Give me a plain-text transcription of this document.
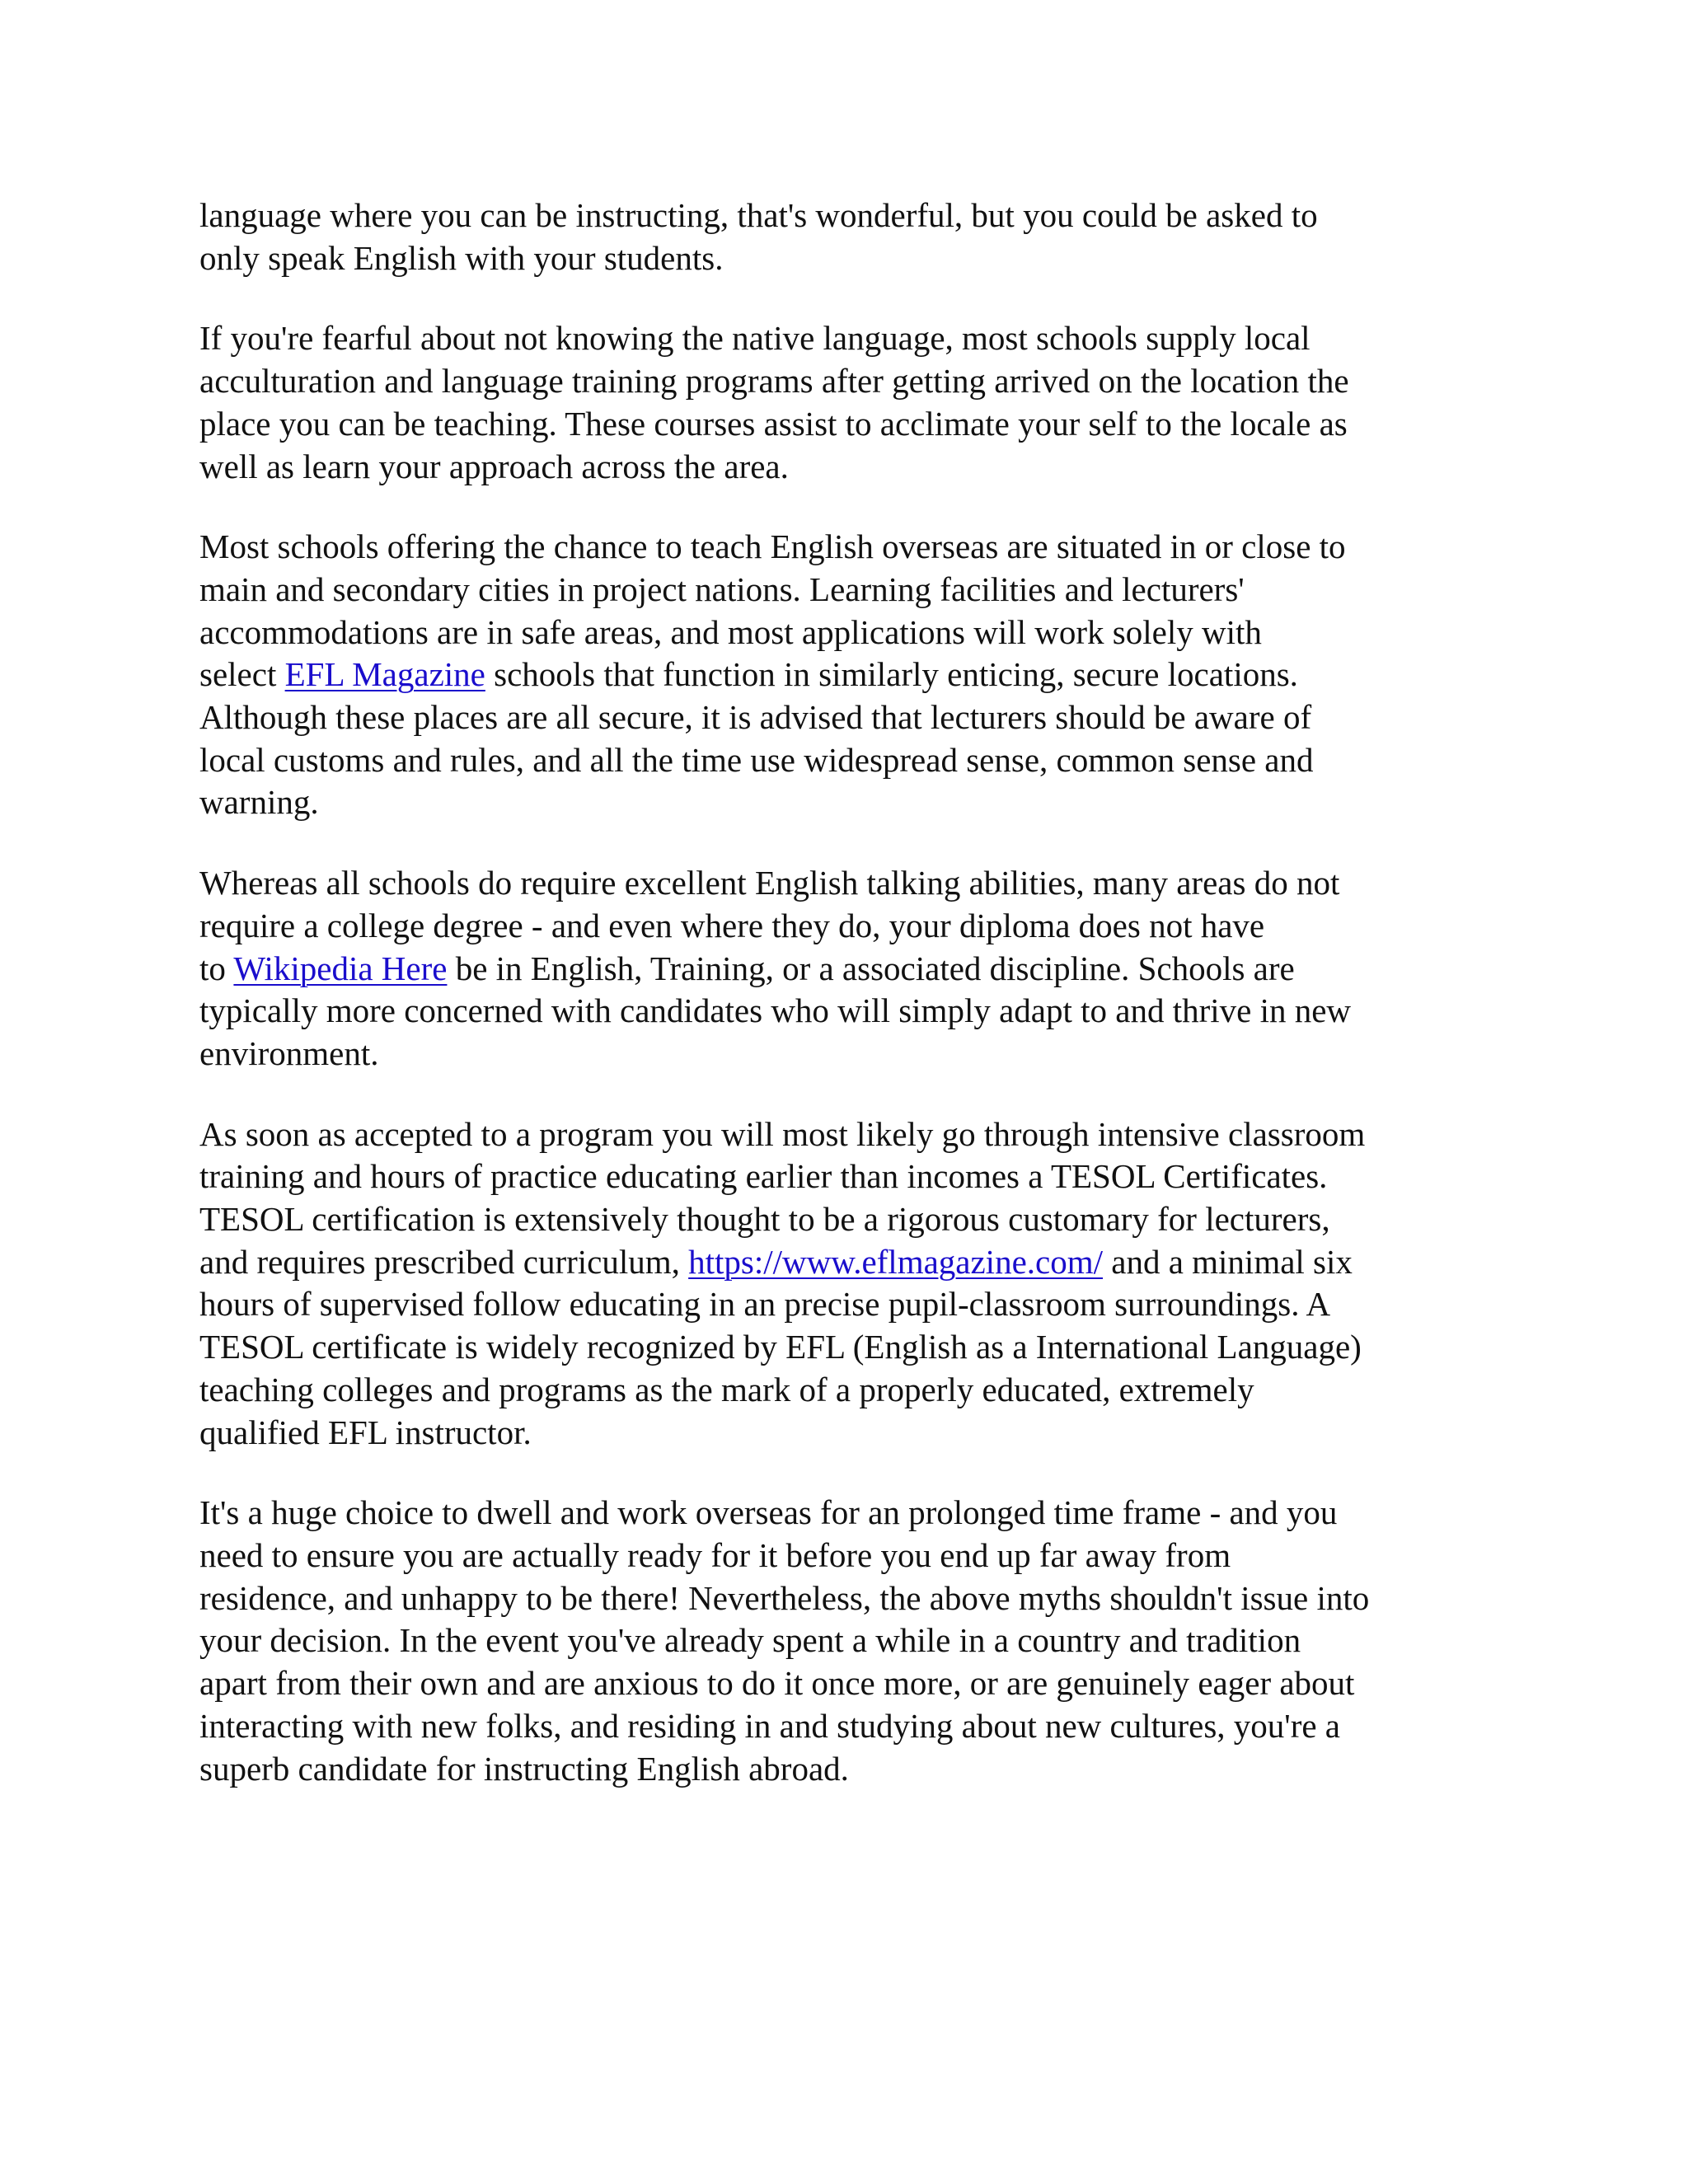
language where you can be instructing, that's wonderful, but you could be asked to
only speak English with your students.

If you're fearful about not knowing the native language, most schools supply local
acculturation and language training programs after getting arrived on the location the
place you can be teaching. These courses assist to acclimate your self to the locale as
well as learn your approach across the area.

Most schools offering the chance to teach English overseas are situated in or close to
main and secondary cities in project nations. Learning facilities and lecturers'
accommodations are in safe areas, and most applications will work solely with
select EFL Magazine schools that function in similarly enticing, secure locations.
Although these places are all secure, it is advised that lecturers should be aware of
local customs and rules, and all the time use widespread sense, common sense and
warning.

Whereas all schools do require excellent English talking abilities, many areas do not
require a college degree - and even where they do, your diploma does not have
to Wikipedia Here be in English, Training, or a associated discipline. Schools are
typically more concerned with candidates who will simply adapt to and thrive in new
environment.

As soon as accepted to a program you will most likely go through intensive classroom
training and hours of practice educating earlier than incomes a TESOL Certificates.
TESOL certification is extensively thought to be a rigorous customary for lecturers,
and requires prescribed curriculum, https://www.eflmagazine.com/ and a minimal six
hours of supervised follow educating in an precise pupil-classroom surroundings. A
TESOL certificate is widely recognized by EFL (English as a International Language)
teaching colleges and programs as the mark of a properly educated, extremely
qualified EFL instructor.

It's a huge choice to dwell and work overseas for an prolonged time frame - and you
need to ensure you are actually ready for it before you end up far away from
residence, and unhappy to be there! Nevertheless, the above myths shouldn't issue into
your decision. In the event you've already spent a while in a country and tradition
apart from their own and are anxious to do it once more, or are genuinely eager about
interacting with new folks, and residing in and studying about new cultures, you're a
superb candidate for instructing English abroad.
